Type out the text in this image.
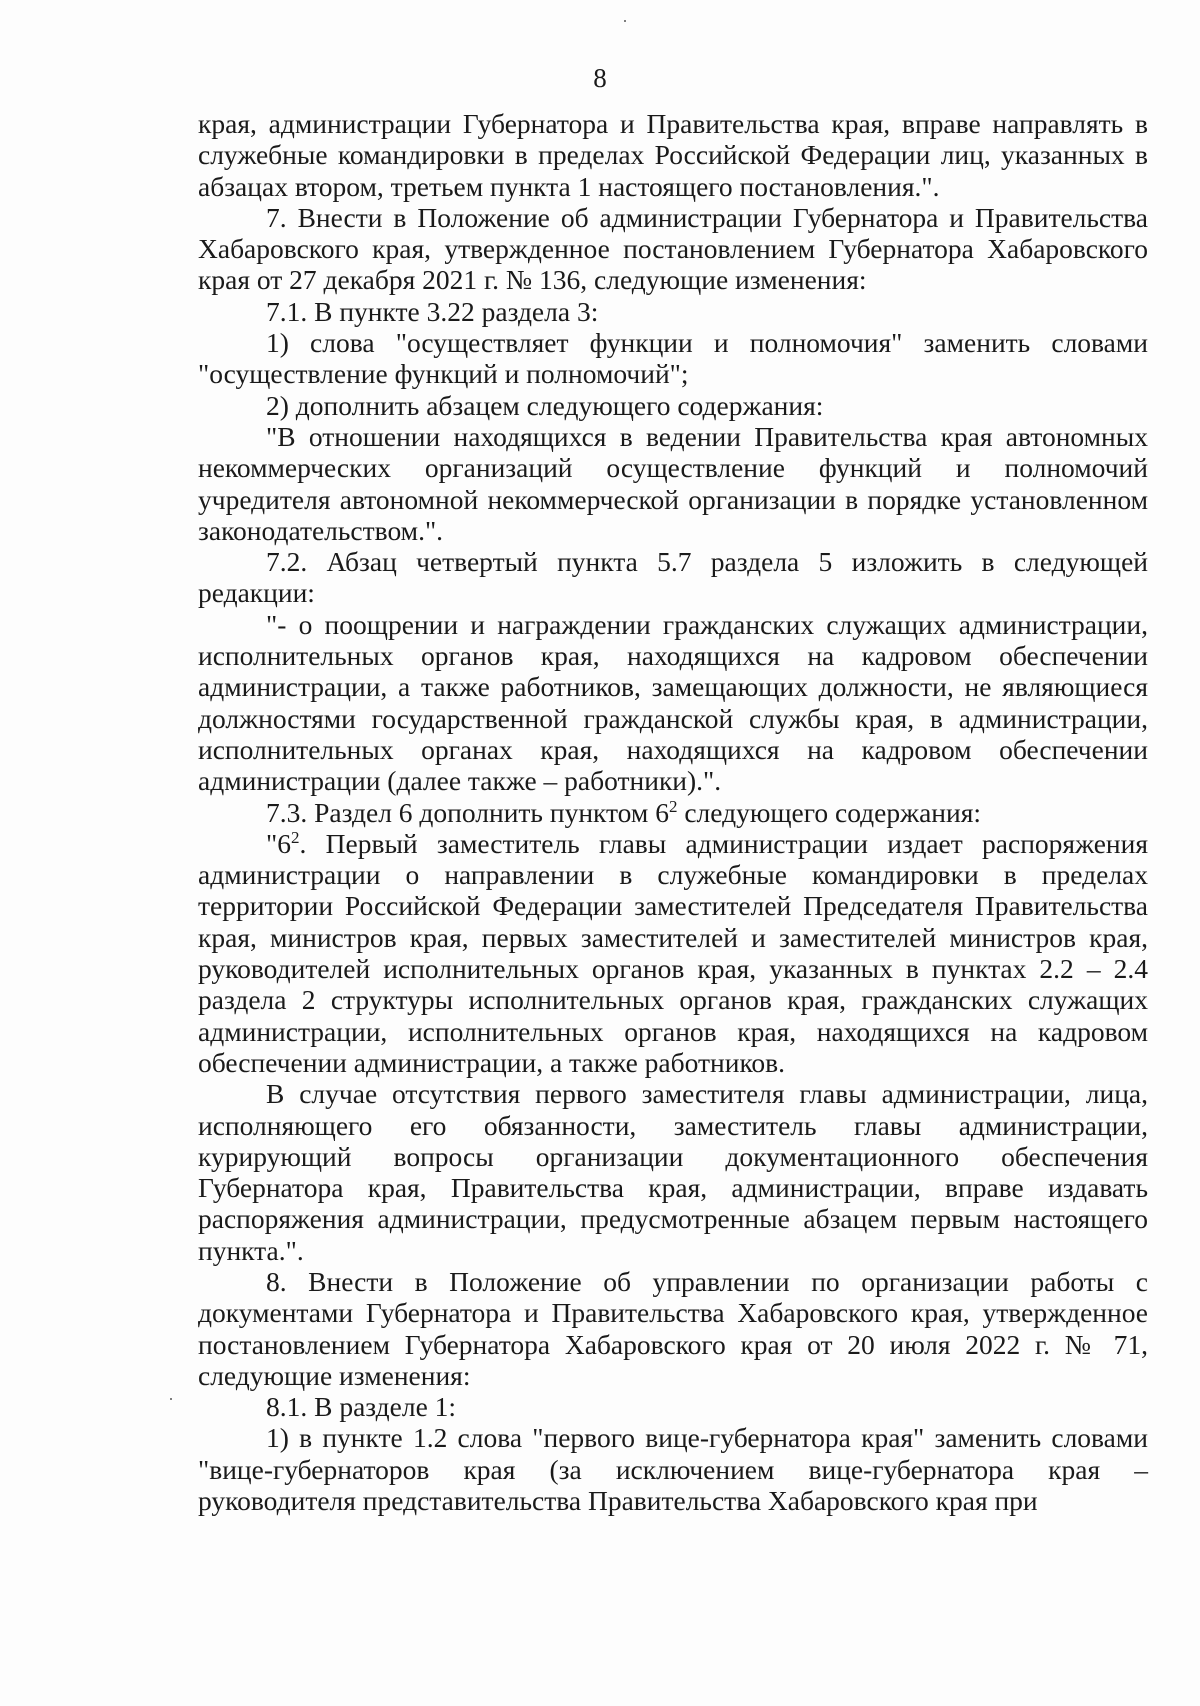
8

края, администрации Губернатора и Правительства края, вправе направлять в служебные командировки в пределах Российской Федерации лиц, указанных в абзацах втором, третьем пункта 1 настоящего постановления.".

7. Внести в Положение об администрации Губернатора и Правительства Хабаровского края, утвержденное постановлением Губернатора Хабаровского края от 27 декабря 2021 г. № 136, следующие изменения:

7.1. В пункте 3.22 раздела 3:

1) слова "осуществляет функции и полномочия" заменить словами "осуществление функций и полномочий";

2) дополнить абзацем следующего содержания:

"В отношении находящихся в ведении Правительства края автономных некоммерческих организаций осуществление функций и полномочий учредителя автономной некоммерческой организации в порядке установленном законодательством.".

7.2. Абзац четвертый пункта 5.7 раздела 5 изложить в следующей редакции:

"- о поощрении и награждении гражданских служащих администрации, исполнительных органов края, находящихся на кадровом обеспечении администрации, а также работников, замещающих должности, не являющиеся должностями государственной гражданской службы края, в администрации, исполнительных органах края, находящихся на кадровом обеспечении администрации (далее также – работники).".

7.3. Раздел 6 дополнить пунктом $6^2$ следующего содержания:

"$6^2$. Первый заместитель главы администрации издает распоряжения администрации о направлении в служебные командировки в пределах территории Российской Федерации заместителей Председателя Правительства края, министров края, первых заместителей и заместителей министров края, руководителей исполнительных органов края, указанных в пунктах 2.2 – 2.4 раздела 2 структуры исполнительных органов края, гражданских служащих администрации, исполнительных органов края, находящихся на кадровом обеспечении администрации, а также работников.

В случае отсутствия первого заместителя главы администрации, лица, исполняющего его обязанности, заместитель главы администрации, курирующий вопросы организации документационного обеспечения Губернатора края, Правительства края, администрации, вправе издавать распоряжения администрации, предусмотренные абзацем первым настоящего пункта.".

8. Внести в Положение об управлении по организации работы с документами Губернатора и Правительства Хабаровского края, утвержденное постановлением Губернатора Хабаровского края от 20 июля 2022 г. № 71, следующие изменения:

8.1. В разделе 1:

1) в пункте 1.2 слова "первого вице-губернатора края" заменить словами "вице-губернаторов края (за исключением вице-губернатора края – руководителя представительства Правительства Хабаровского края при
